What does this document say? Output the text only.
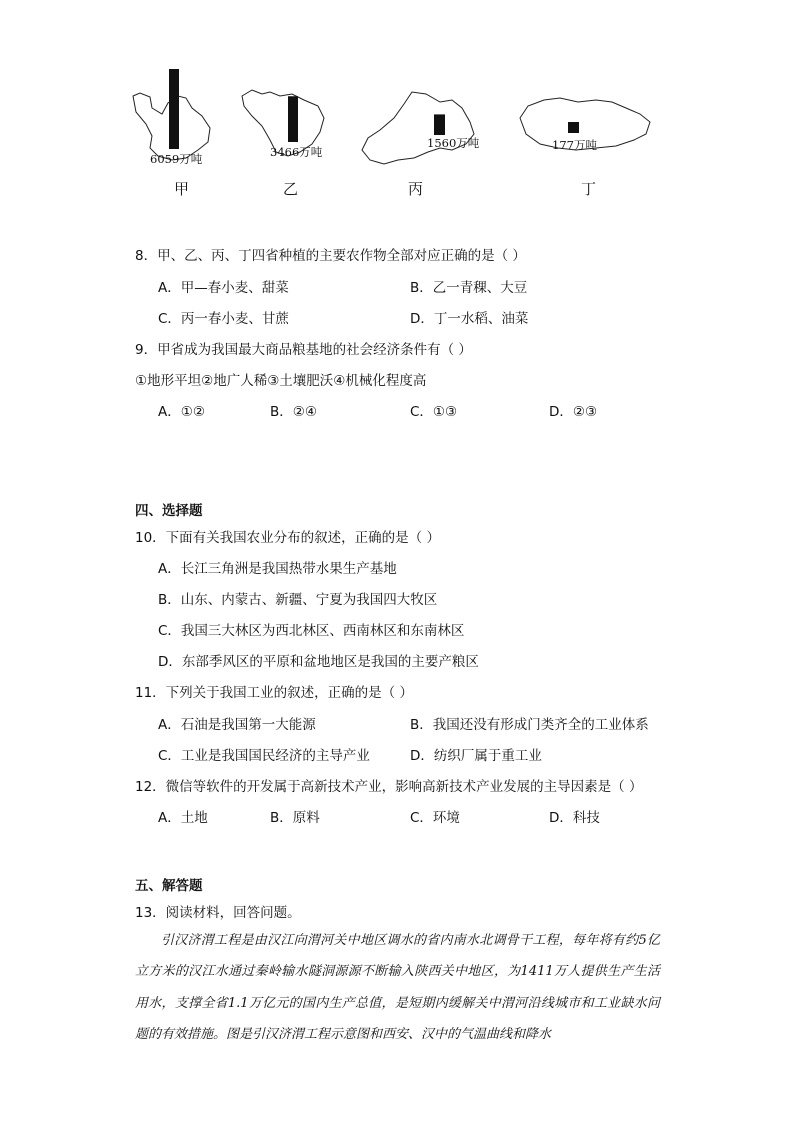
6059万吨	3466万吨
1560万吨	177万吨
甲	乙	丙	丁
8．甲、乙、丙、丁四省种植的主要农作物全部对应正确的是（ ）
A．甲—春小麦、甜菜	B．乙一青稞、大豆
C．丙一春小麦、甘蔗	D．丁一水稻、油菜
9．甲省成为我国最大商品粮基地的社会经济条件有（ ）
①地形平坦②地广人稀③土壤肥沃④机械化程度高
A．①②	B．②④	C．①③	D．②③
四、选择题
10．下面有关我国农业分布的叙述，正确的是（ ）
A．长江三角洲是我国热带水果生产基地
B．山东、内蒙古、新疆、宁夏为我国四大牧区
C．我国三大林区为西北林区、西南林区和东南林区
D．东部季风区的平原和盆地地区是我国的主要产粮区
11．下列关于我国工业的叙述，正确的是（ ）
A．石油是我国第一大能源	B．我国还没有形成门类齐全的工业体系
C．工业是我国国民经济的主导产业	D．纺织厂属于重工业
12．微信等软件的开发属于高新技术产业，影响高新技术产业发展的主导因素是（ ）
A．土地	B．原料	C．环境	D．科技
五、解答题
13．阅读材料，回答问题。
引汉济渭工程是由汉江向渭河关中地区调水的省内南水北调骨干工程，每年将有约5亿立方米的汉江水通过秦岭输水隧洞源源不断输入陕西关中地区，为1411万人提供生产生活用水，支撑全省1.1万亿元的国内生产总值，是短期内缓解关中渭河沿线城市和工业缺水问题的有效措施。图是引汉济渭工程示意图和西安、汉中的气温曲线和降水
